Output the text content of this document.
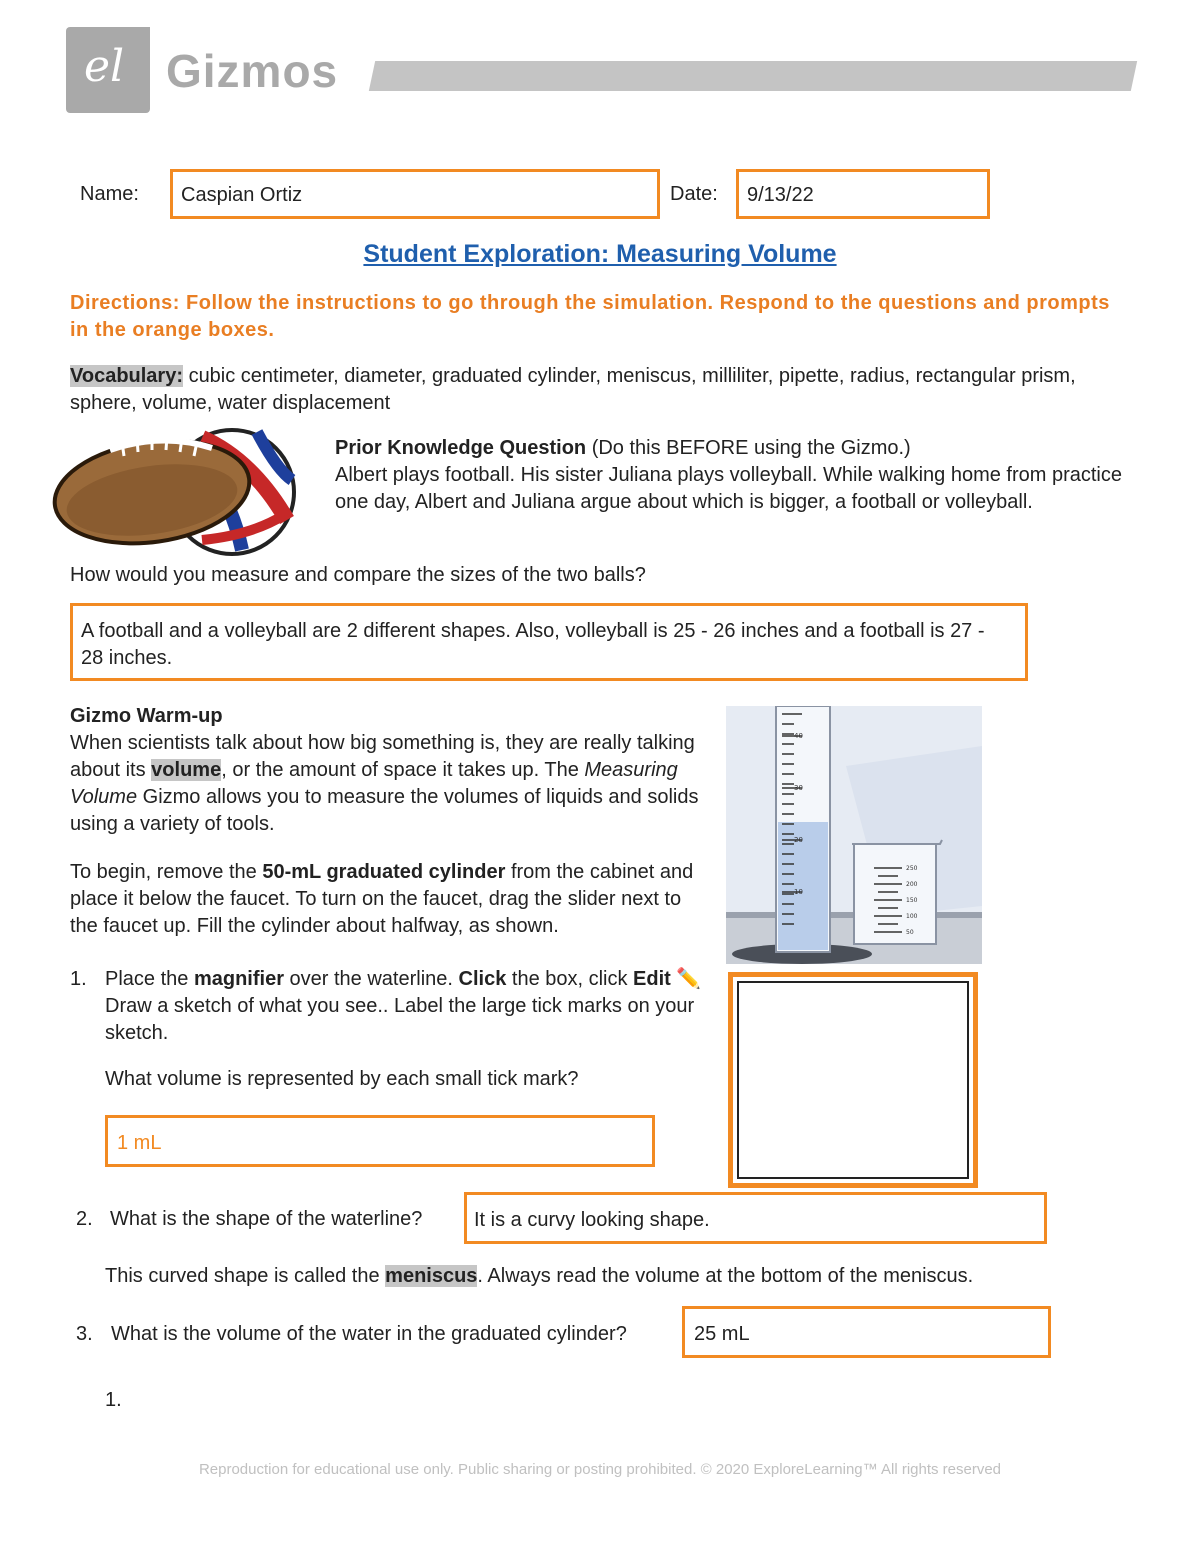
el Gizmos
Name: Caspian Ortiz	Date: 9/13/22
Student Exploration: Measuring Volume
Directions: Follow the instructions to go through the simulation. Respond to the questions and prompts in the orange boxes.
Vocabulary: cubic centimeter, diameter, graduated cylinder, meniscus, milliliter, pipette, radius, rectangular prism, sphere, volume, water displacement
Prior Knowledge Question (Do this BEFORE using the Gizmo.)
Albert plays football. His sister Juliana plays volleyball. While walking home from practice one day, Albert and Juliana argue about which is bigger, a football or volleyball.
How would you measure and compare the sizes of the two balls?
A football and a volleyball are 2 different shapes. Also, volleyball is 25 - 26 inches and a football is 27 - 28 inches.
Gizmo Warm-up
When scientists talk about how big something is, they are really talking about its volume, or the amount of space it takes up. The Measuring Volume Gizmo allows you to measure the volumes of liquids and solids using a variety of tools.
To begin, remove the 50-mL graduated cylinder from the cabinet and place it below the faucet. To turn on the faucet, drag the slider next to the faucet up. Fill the cylinder about halfway, as shown.
40
30
20
10
250
200
150
100
50
1. Place the magnifier over the waterline. Click the box, click Edit ✏️ Draw a sketch of what you see.. Label the large tick marks on your sketch.
What volume is represented by each small tick mark?
1 mL
2. What is the shape of the waterline?	It is a curvy looking shape.
This curved shape is called the meniscus. Always read the volume at the bottom of the meniscus.
3. What is the volume of the water in the graduated cylinder?	25 mL
1.
Reproduction for educational use only. Public sharing or posting prohibited. © 2020 ExploreLearning™ All rights reserved
